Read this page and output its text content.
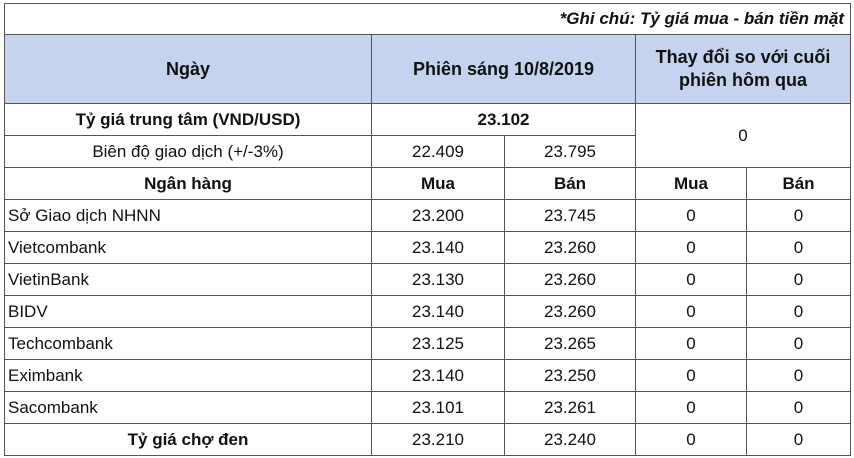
*Ghi chú: Tỷ giá mua - bán tiền mặt				
Ngày	Phiên sáng 10/8/2019		Thay đổi so với cuối phiên hôm qua	
Tỷ giá trung tâm (VND/USD)	23.102		0	
Biên độ giao dịch (+/-3%)	22.409	23.795		
Ngân hàng	Mua	Bán	Mua	Bán
Sở Giao dịch NHNN	23.200	23.745	0	0
Vietcombank	23.140	23.260	0	0
VietinBank	23.130	23.260	0	0
BIDV	23.140	23.260	0	0
Techcombank	23.125	23.265	0	0
Eximbank	23.140	23.250	0	0
Sacombank	23.101	23.261	0	0
Tỷ giá chợ đen	23.210	23.240	0	0
